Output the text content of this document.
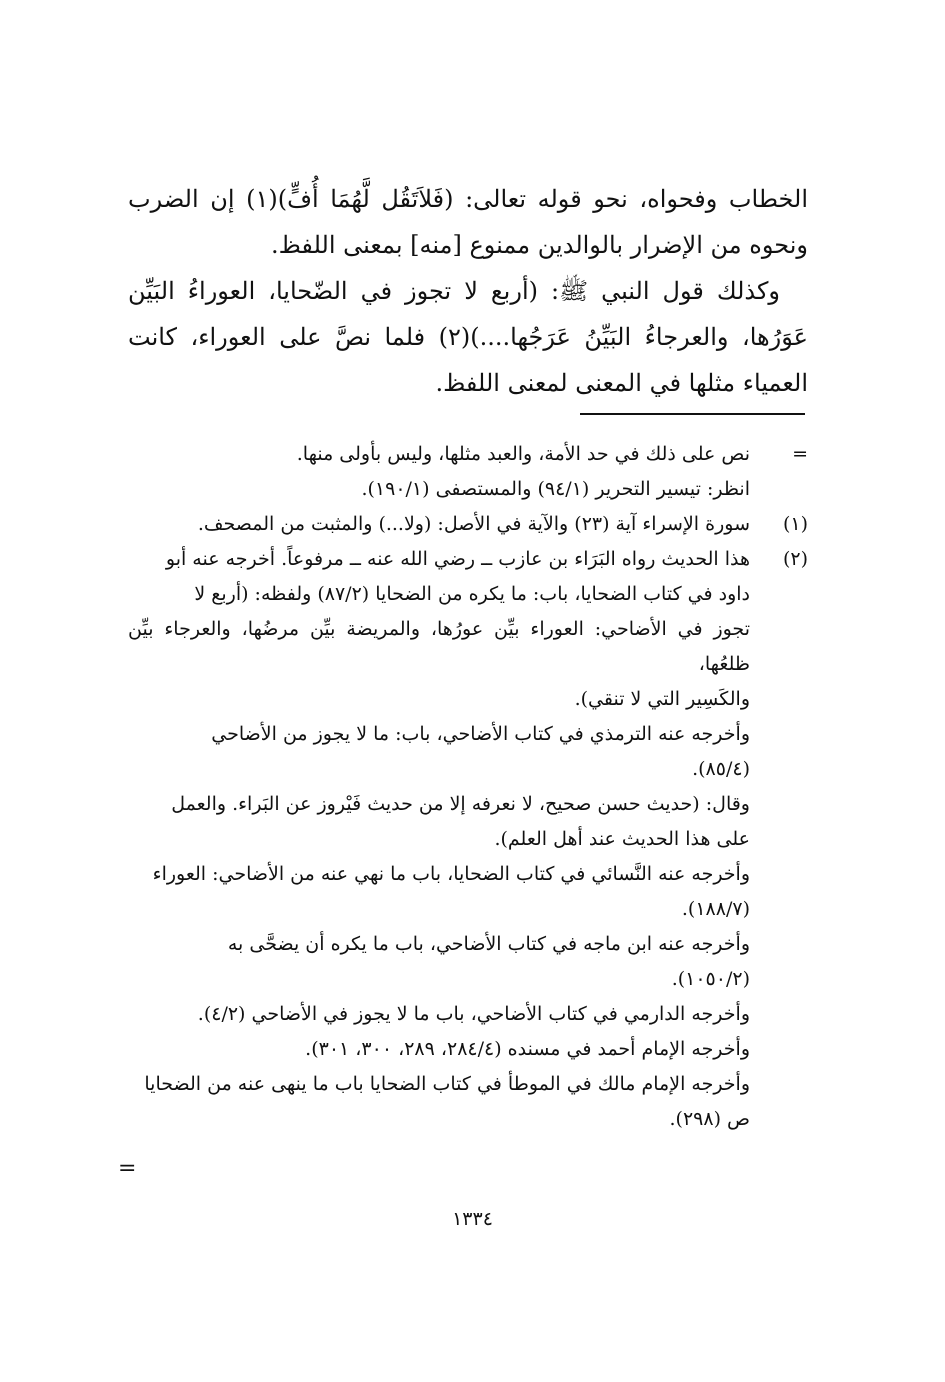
الخطاب وفحواه، نحو قوله تعالى: (فَلاَتَقُل لَّهُمَا أُفٍّ)(١) إن الضرب ونحوه من الإضرار بالوالدين ممنوع [منه] بمعنى اللفظ.

وكذلك قول النبي ﷺ: (أربع لا تجوز في الضّحايا، العوراءُ البَيِّن عَوَرُها، والعرجاءُ البَيِّنُ عَرَجُها....)(٢) فلما نصَّ على العوراء، كانت العمياء مثلها في المعنى لمعنى اللفظ.

=
نص على ذلك في حد الأمة، والعبد مثلها، وليس بأولى منها.
انظر: تيسير التحرير (٩٤/١) والمستصفى (١٩٠/١).
(١)
سورة الإسراء آية (٢٣) والآية في الأصل: (ولا...) والمثبت من المصحف.
(٢)
هذا الحديث رواه البَرَاء بن عازب ــ رضي الله عنه ــ مرفوعاً. أخرجه عنه أبو
داود في كتاب الضحايا، باب: ما يكره من الضحايا (٨٧/٢) ولفظه: (أربع لا
تجوز في الأضاحي: العوراء بيِّن عورُها، والمريضة بيِّن مرضُها، والعرجاء بيِّن ظلعُها،
والكَسِير التي لا تنقي).
وأخرجه عنه الترمذي في كتاب الأضاحي، باب: ما لا يجوز من الأضاحي
(٨٥/٤).
وقال: (حديث حسن صحيح، لا نعرفه إلا من حديث فَيْروز عن البَراء. والعمل
على هذا الحديث عند أهل العلم).
وأخرجه عنه النَّسائي في كتاب الضحايا، باب ما نهي عنه من الأضاحي: العوراء
(١٨٨/٧).
وأخرجه عنه ابن ماجه في كتاب الأضاحي، باب ما يكره أن يضحَّى به
(١٠٥٠/٢).
وأخرجه الدارمي في كتاب الأضاحي، باب ما لا يجوز في الأضاحي (٤/٢).
وأخرجه الإمام أحمد في مسنده (٢٨٤/٤، ٢٨٩، ٣٠٠، ٣٠١).
وأخرجه الإمام مالك في الموطأ في كتاب الضحايا باب ما ينهى عنه من الضحايا
ص (٢٩٨).
=
١٣٣٤
